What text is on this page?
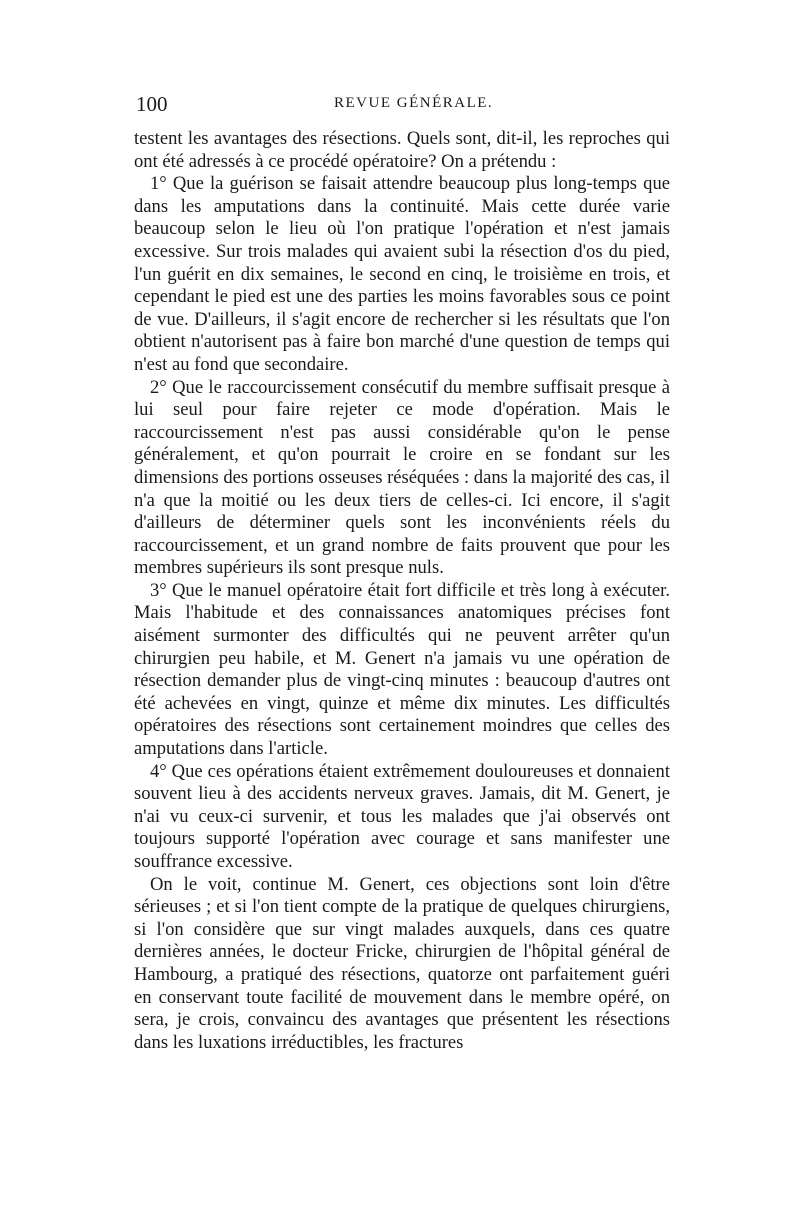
100	REVUE GÉNÉRALE.

testent les avantages des résections. Quels sont, dit-il, les reproches qui ont été adressés à ce procédé opératoire? On a prétendu :

1° Que la guérison se faisait attendre beaucoup plus long-temps que dans les amputations dans la continuité. Mais cette durée varie beaucoup selon le lieu où l'on pratique l'opération et n'est jamais excessive. Sur trois malades qui avaient subi la résection d'os du pied, l'un guérit en dix semaines, le second en cinq, le troisième en trois, et cependant le pied est une des parties les moins favorables sous ce point de vue. D'ailleurs, il s'agit encore de rechercher si les résultats que l'on obtient n'autorisent pas à faire bon marché d'une question de temps qui n'est au fond que secondaire.

2° Que le raccourcissement consécutif du membre suffisait presque à lui seul pour faire rejeter ce mode d'opération. Mais le raccourcissement n'est pas aussi considérable qu'on le pense généralement, et qu'on pourrait le croire en se fondant sur les dimensions des portions osseuses réséquées : dans la majorité des cas, il n'a que la moitié ou les deux tiers de celles-ci. Ici encore, il s'agit d'ailleurs de déterminer quels sont les inconvénients réels du raccourcissement, et un grand nombre de faits prouvent que pour les membres supérieurs ils sont presque nuls.

3° Que le manuel opératoire était fort difficile et très long à exécuter. Mais l'habitude et des connaissances anatomiques précises font aisément surmonter des difficultés qui ne peuvent arrêter qu'un chirurgien peu habile, et M. Genert n'a jamais vu une opération de résection demander plus de vingt-cinq minutes : beaucoup d'autres ont été achevées en vingt, quinze et même dix minutes. Les difficultés opératoires des résections sont certainement moindres que celles des amputations dans l'article.

4° Que ces opérations étaient extrêmement douloureuses et donnaient souvent lieu à des accidents nerveux graves. Jamais, dit M. Genert, je n'ai vu ceux-ci survenir, et tous les malades que j'ai observés ont toujours supporté l'opération avec courage et sans manifester une souffrance excessive.

On le voit, continue M. Genert, ces objections sont loin d'être sérieuses ; et si l'on tient compte de la pratique de quelques chirurgiens, si l'on considère que sur vingt malades auxquels, dans ces quatre dernières années, le docteur Fricke, chirurgien de l'hôpital général de Hambourg, a pratiqué des résections, quatorze ont parfaitement guéri en conservant toute facilité de mouvement dans le membre opéré, on sera, je crois, convaincu des avantages que présentent les résections dans les luxations irréductibles, les fractures
